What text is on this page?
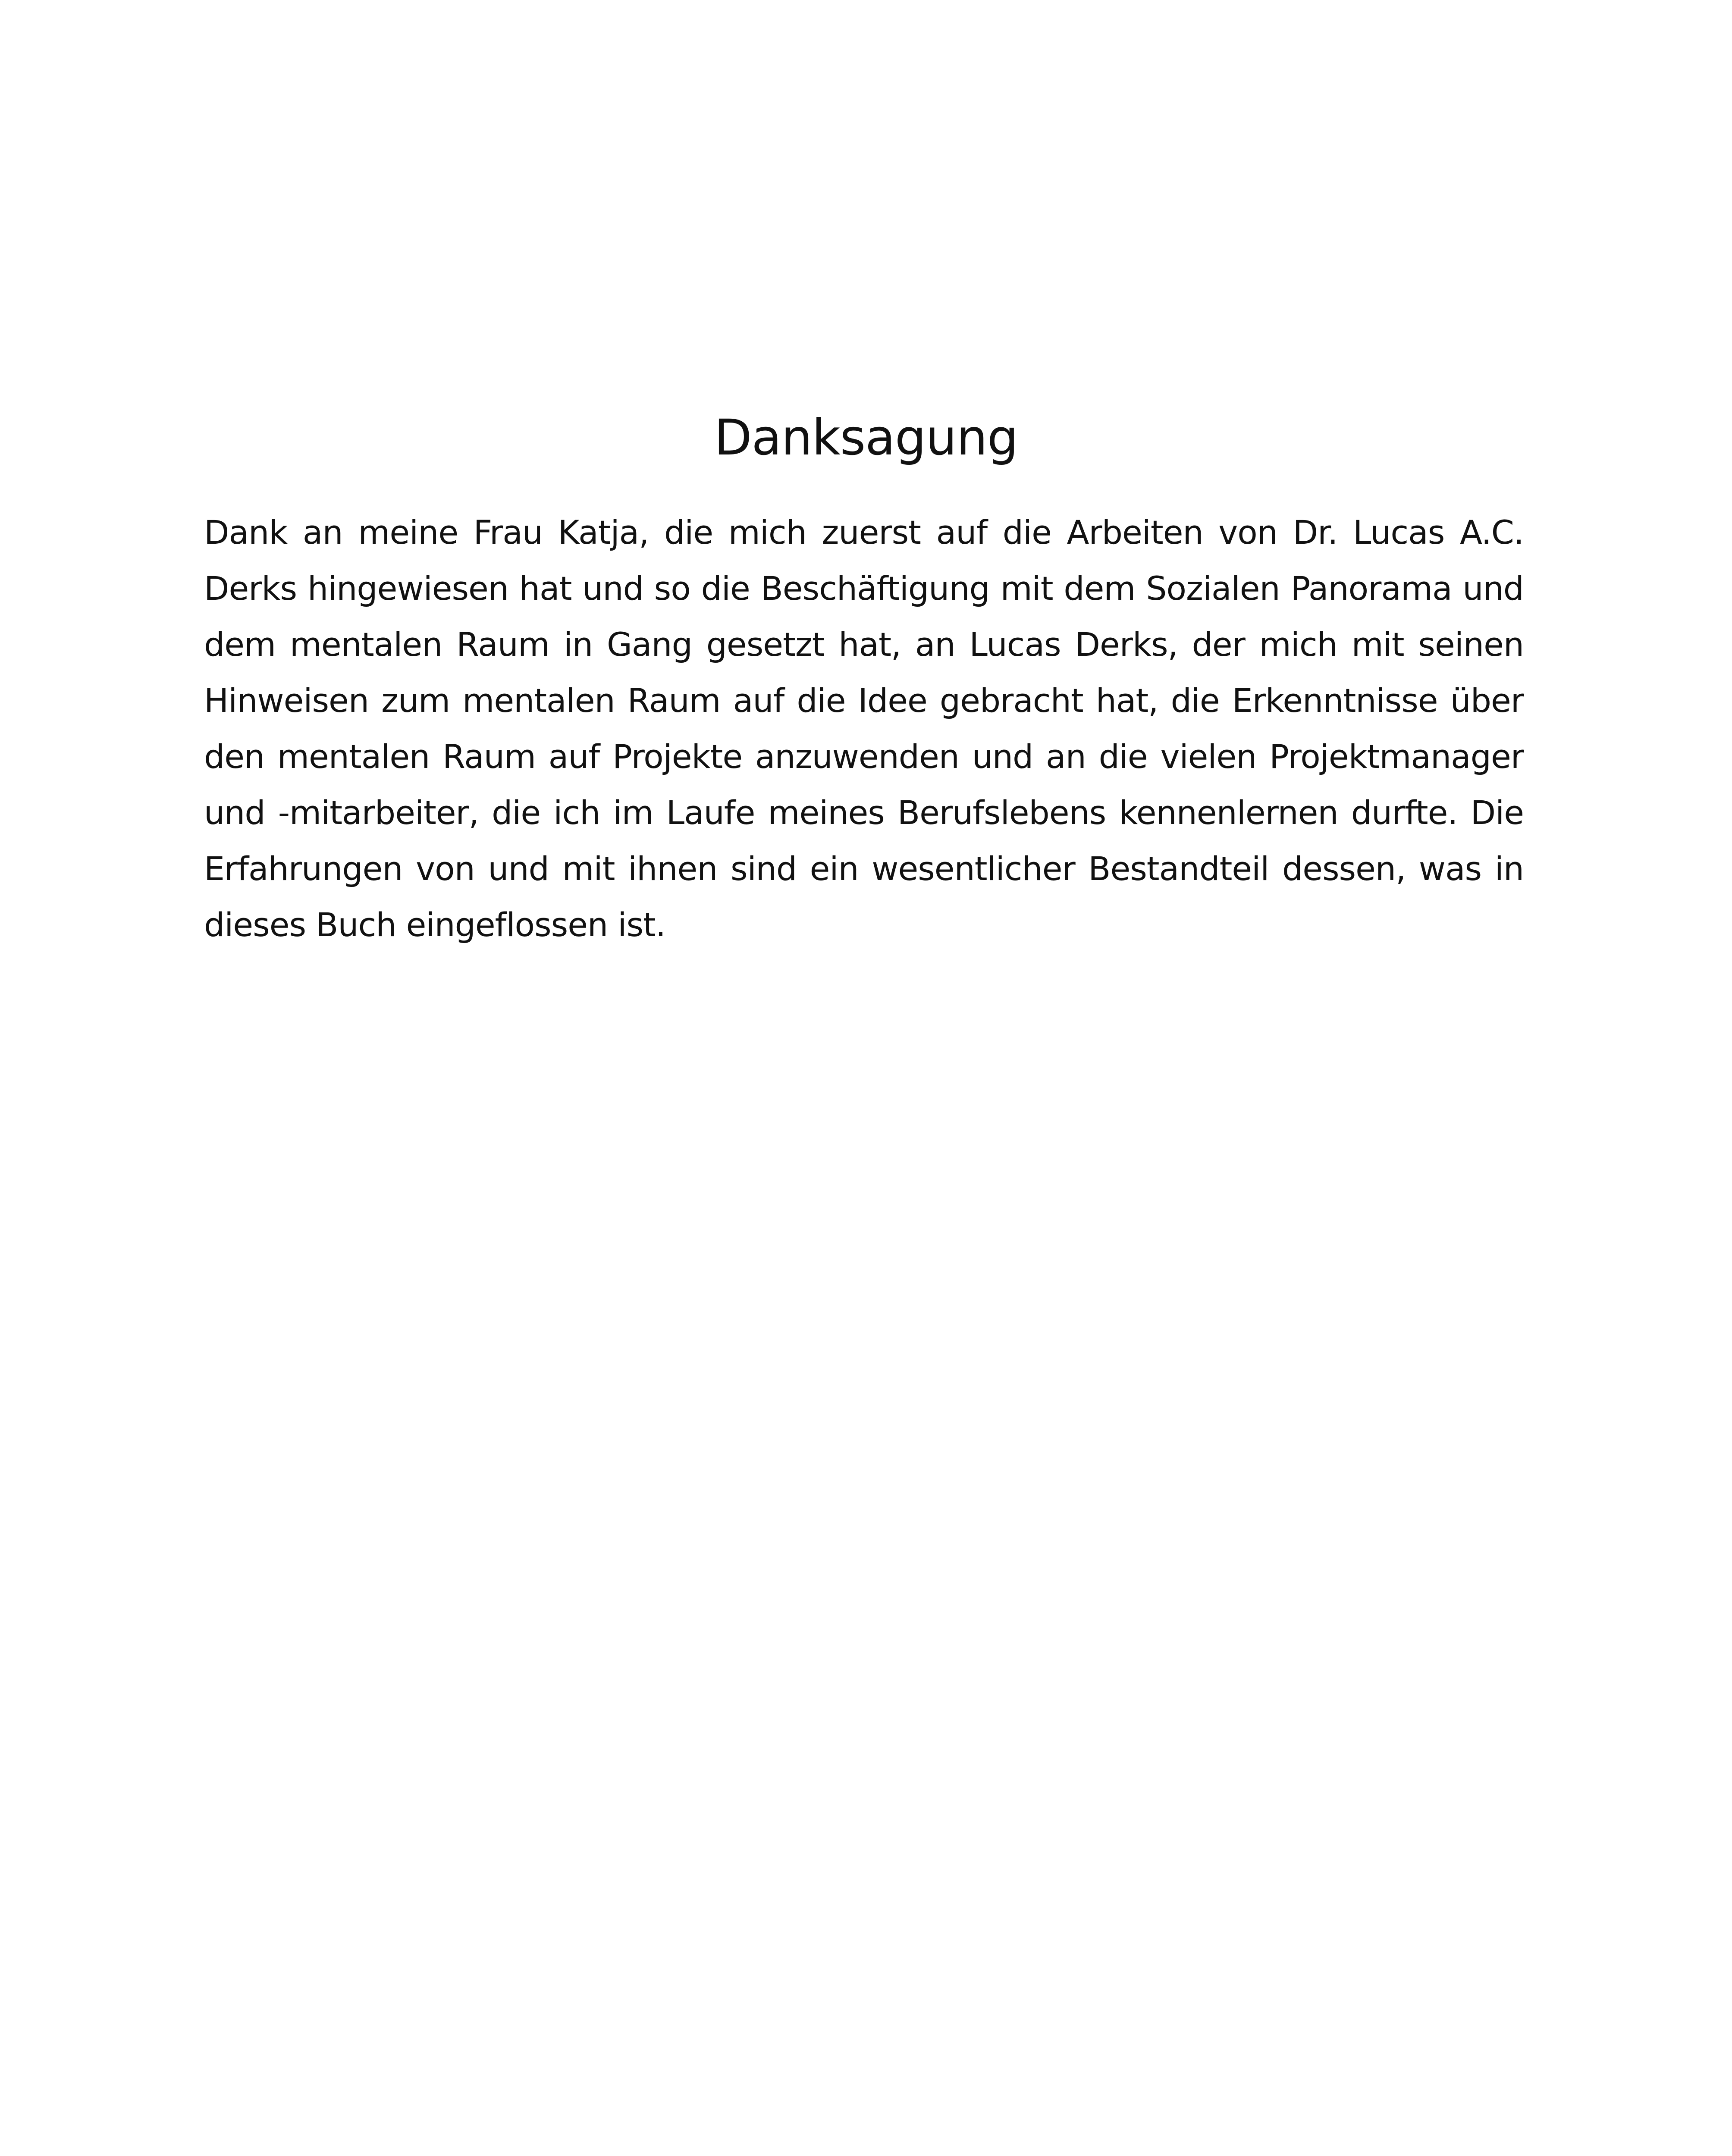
Danksagung

Dank an meine Frau Katja, die mich zuerst auf die Arbeiten von Dr. Lucas A.C. Derks hingewiesen hat und so die Beschäftigung mit dem Sozialen Panorama und dem mentalen Raum in Gang gesetzt hat, an Lucas Derks, der mich mit seinen Hinweisen zum mentalen Raum auf die Idee gebracht hat, die Erkenntnisse über den mentalen Raum auf Projekte anzuwenden und an die vielen Projektmanager und -mitarbeiter, die ich im Laufe meines Berufslebens kennenlernen durfte. Die Erfahrungen von und mit ihnen sind ein wesentlicher Bestandteil dessen, was in dieses Buch eingeflossen ist.
